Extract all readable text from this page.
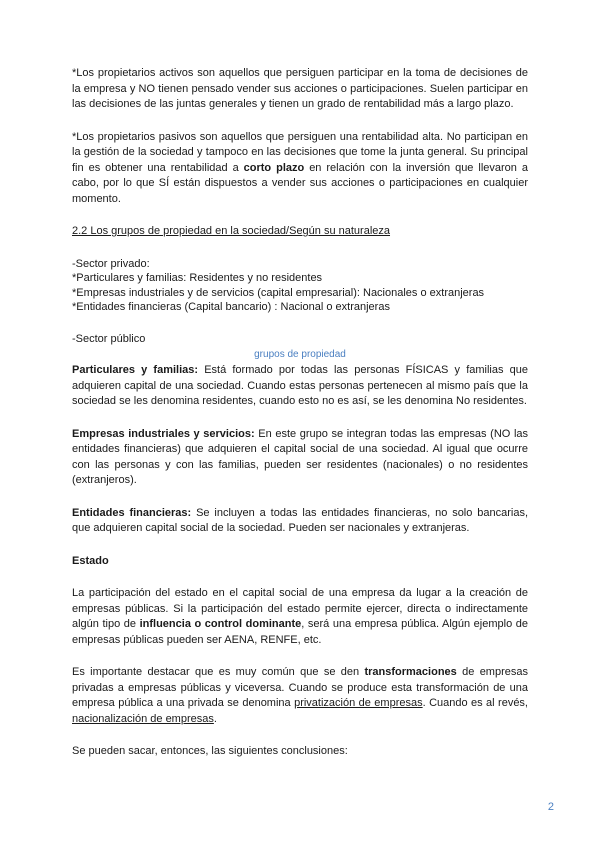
*Los propietarios activos son aquellos que persiguen participar en la toma de decisiones de la empresa y NO tienen pensado vender sus acciones o participaciones. Suelen participar en las decisiones de las juntas generales y tienen un grado de rentabilidad más a largo plazo.

*Los propietarios pasivos son aquellos que persiguen una rentabilidad alta. No participan en la gestión de la sociedad y tampoco en las decisiones que tome la junta general. Su principal fin es obtener una rentabilidad a corto plazo en relación con la inversión que llevaron a cabo, por lo que SÍ están dispuestos a vender sus acciones o participaciones en cualquier momento.

2.2 Los grupos de propiedad en la sociedad/Según su naturaleza

-Sector privado:

*Particulares y familias: Residentes y no residentes

*Empresas industriales y de servicios (capital empresarial): Nacionales o extranjeras

*Entidades financieras (Capital bancario) : Nacional o extranjeras

-Sector público

grupos de propiedad

Particulares y familias: Está formado por todas las personas FÍSICAS y familias que adquieren capital de una sociedad. Cuando estas personas pertenecen al mismo país que la sociedad se les denomina residentes, cuando esto no es así, se les denomina No residentes.

Empresas industriales y servicios: En este grupo se integran todas las empresas (NO las entidades financieras) que adquieren el capital social de una sociedad. Al igual que ocurre con las personas y con las familias, pueden ser residentes (nacionales) o no residentes (extranjeros).

Entidades financieras: Se incluyen a todas las entidades financieras, no solo bancarias, que adquieren capital social de la sociedad. Pueden ser nacionales y extranjeras.

Estado

La participación del estado en el capital social de una empresa da lugar a la creación de empresas públicas. Si la participación del estado permite ejercer, directa o indirectamente algún tipo de influencia o control dominante, será una empresa pública. Algún ejemplo de empresas públicas pueden ser AENA, RENFE, etc.

Es importante destacar que es muy común que se den transformaciones de empresas privadas a empresas públicas y viceversa. Cuando se produce esta transformación de una empresa pública a una privada se denomina privatización de empresas. Cuando es al revés, nacionalización de empresas.

Se pueden sacar, entonces, las siguientes conclusiones:

2
